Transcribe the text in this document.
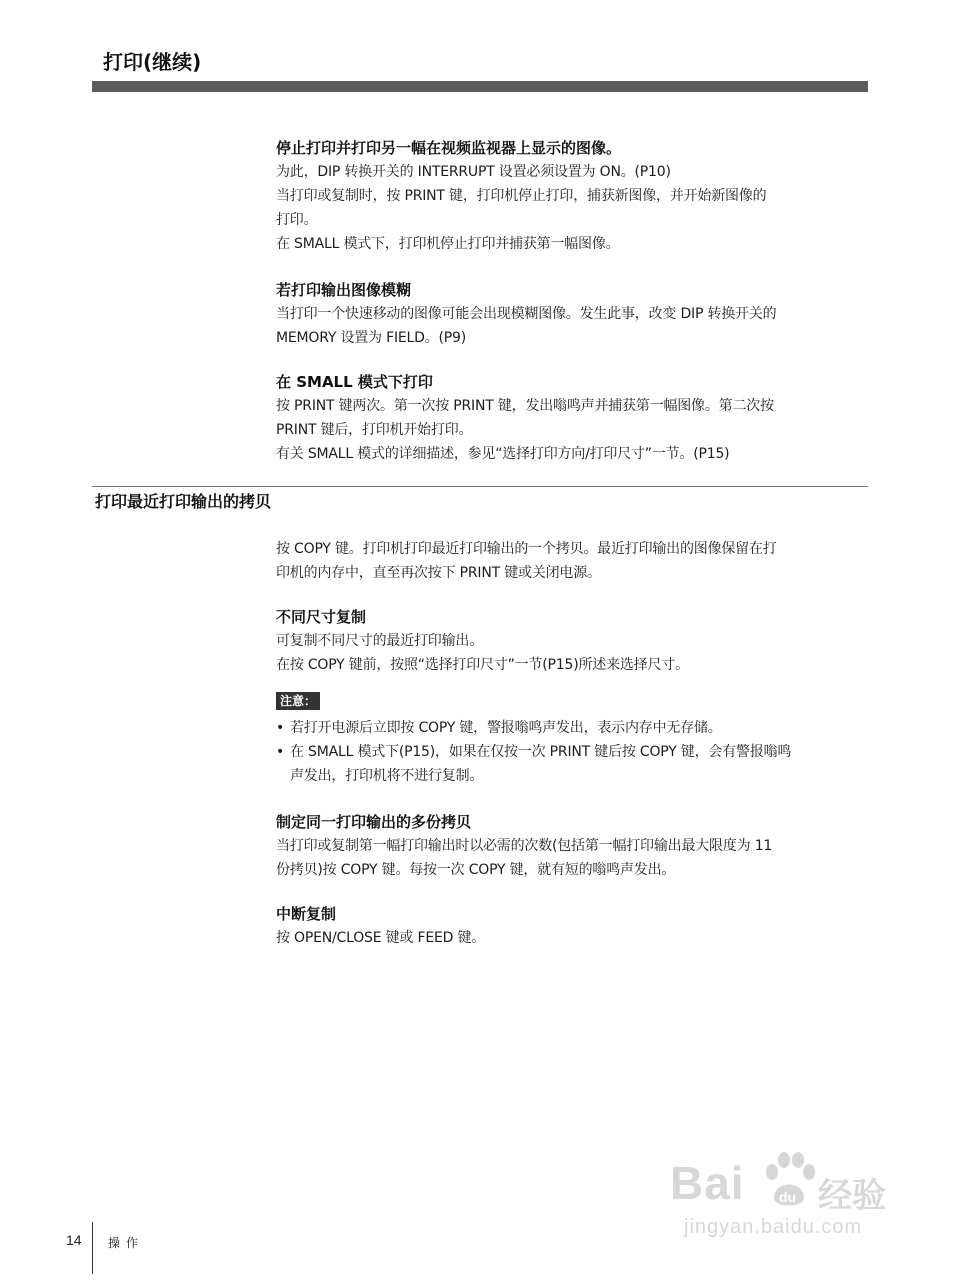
打印(继续)

停止打印并打印另一幅在视频监视器上显示的图像。

为此，DIP 转换开关的 INTERRUPT 设置必须设置为 ON。(P10)

当打印或复制时，按 PRINT 键，打印机停止打印，捕获新图像，并开始新图像的

打印。

在 SMALL 模式下，打印机停止打印并捕获第一幅图像。

若打印输出图像模糊

当打印一个快速移动的图像可能会出现模糊图像。发生此事，改变 DIP 转换开关的

MEMORY 设置为 FIELD。(P9)

在 SMALL 模式下打印

按 PRINT 键两次。第一次按 PRINT 键，发出嗡鸣声并捕获第一幅图像。第二次按

PRINT 键后，打印机开始打印。

有关 SMALL 模式的详细描述，参见“选择打印方向/打印尺寸”一节。(P15)

打印最近打印输出的拷贝

按 COPY 键。打印机打印最近打印输出的一个拷贝。最近打印输出的图像保留在打

印机的内存中，直至再次按下 PRINT 键或关闭电源。

不同尺寸复制

可复制不同尺寸的最近打印输出。

在按 COPY 键前，按照“选择打印尺寸”一节(P15)所述来选择尺寸。

注意：
• 若打开电源后立即按 COPY 键，警报嗡鸣声发出，表示内存中无存储。
• 在 SMALL 模式下(P15)，如果在仅按一次 PRINT 键后按 COPY 键，会有警报嗡鸣
声发出，打印机将不进行复制。

制定同一打印输出的多份拷贝

当打印或复制第一幅打印输出时以必需的次数(包括第一幅打印输出最大限度为 11

份拷贝)按 COPY 键。每按一次 COPY 键，就有短的嗡鸣声发出。

中断复制

按 OPEN/CLOSE 键或 FEED 键。

Bai du 经验
jingyan.baidu.com
14 操作
